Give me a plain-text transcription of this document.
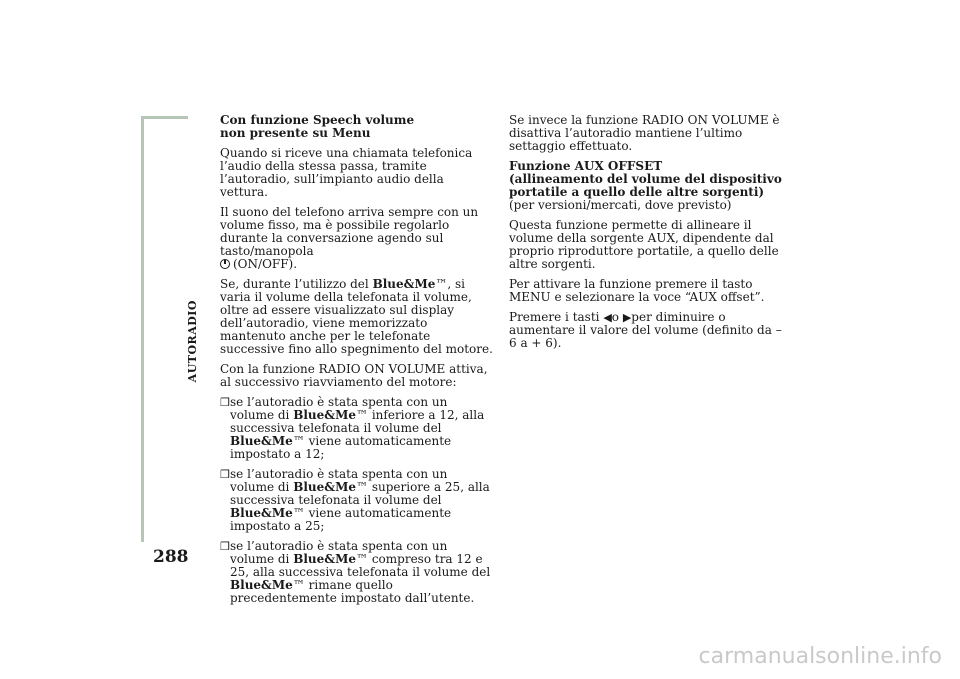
AUTORADIO
288
Con funzione Speech volume
non presente su Menu

Quando si riceve una chiamata telefonica l’audio della stessa passa, tramite l’autoradio, sull’impianto audio della vettura.

Il suono del telefono arriva sempre con un volume fisso, ma è possibile regolarlo durante la conversazione agendo sul tasto/manopola
(ON/OFF).

Se, durante l’utilizzo del Blue&Me™, si varia il volume della telefonata il volume, oltre ad essere visualizzato sul display dell’autoradio, viene memorizzato mantenuto anche per le telefonate successive fino allo spegnimento del motore.

Con la funzione RADIO ON VOLUME attiva, al successivo riavviamento del motore:

❒ se l’autoradio è stata spenta con un volume di Blue&Me™ inferiore a 12, alla successiva telefonata il volume del Blue&Me™ viene automaticamente impostato a 12;
❒ se l’autoradio è stata spenta con un volume di Blue&Me™ superiore a 25, alla successiva telefonata il volume del Blue&Me™ viene automaticamente impostato a 25;
❒ se l’autoradio è stata spenta con un volume di Blue&Me™ compreso tra 12 e 25, alla successiva telefonata il volume del Blue&Me™ rimane quello precedentemente impostato dall’utente.

Se invece la funzione RADIO ON VOLUME è disattiva l’autoradio mantiene l’ultimo settaggio effettuato.

Funzione AUX OFFSET
(allineamento del volume del dispositivo portatile a quello delle altre sorgenti)

(per versioni/mercati, dove previsto)

Questa funzione permette di allineare il volume della sorgente AUX, dipendente dal proprio riproduttore portatile, a quello delle altre sorgenti.

Per attivare la funzione premere il tasto MENU e selezionare la voce “AUX offset”.

Premere i tasti ◀o ▶per diminuire o aumentare il valore del volume (definito da – 6 a + 6).

carmanualsonline.info
